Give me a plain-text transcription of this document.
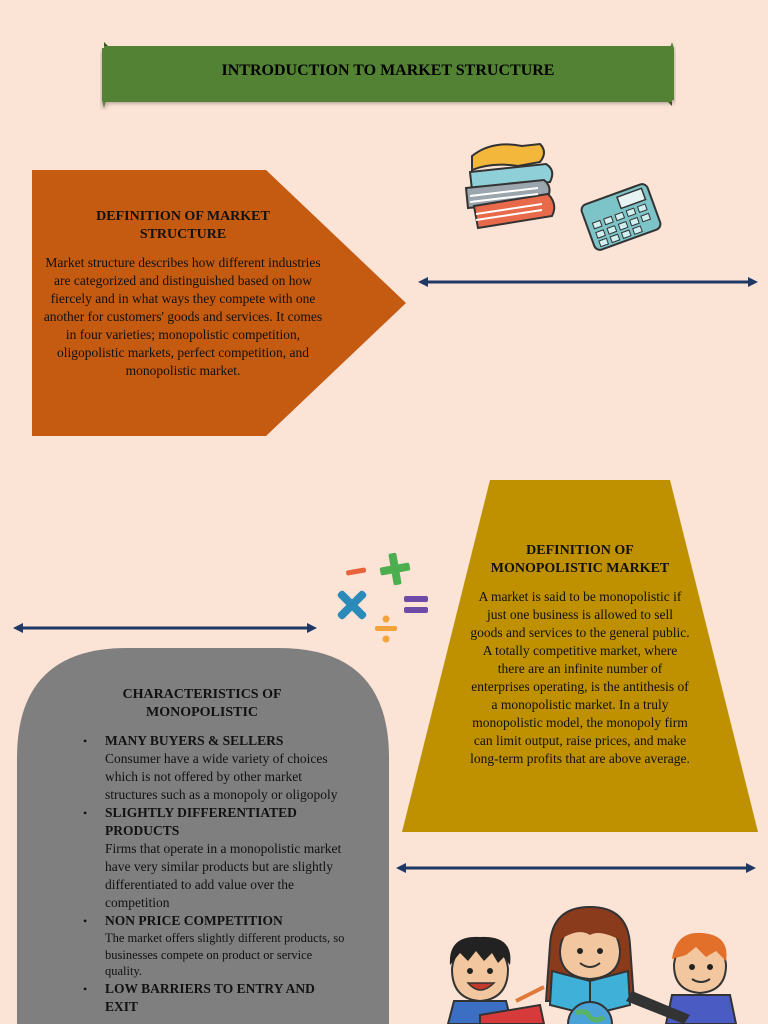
INTRODUCTION TO MARKET STRUCTURE
DEFINITION OF MARKET
STRUCTURE
Market structure describes how different industries are categorized and distinguished based on how fiercely and in what ways they compete with one another for customers' goods and services. It comes in four varieties; monopolistic competition, oligopolistic markets, perfect competition, and monopolistic market.
DEFINITION OF
MONOPOLISTIC MARKET
A market is said to be monopolistic if just one business is allowed to sell goods and services to the general public. A totally competitive market, where there are an infinite number of enterprises operating, is the antithesis of a monopolistic market. In a truly monopolistic model, the monopoly firm can limit output, raise prices, and make long-term profits that are above average.
CHARACTERISTICS OF
MONOPOLISTIC
• MANY BUYERS & SELLERS
Consumer have a wide variety of choices which is not offered by other market structures such as a monopoly or oligopoly
• SLIGHTLY DIFFERENTIATED PRODUCTS
Firms that operate in a monopolistic market have very similar products but are slightly differentiated to add value over the competition
• NON PRICE COMPETITION
The market offers slightly different products, so businesses compete on product or service quality.
• LOW BARRIERS TO ENTRY AND EXIT
